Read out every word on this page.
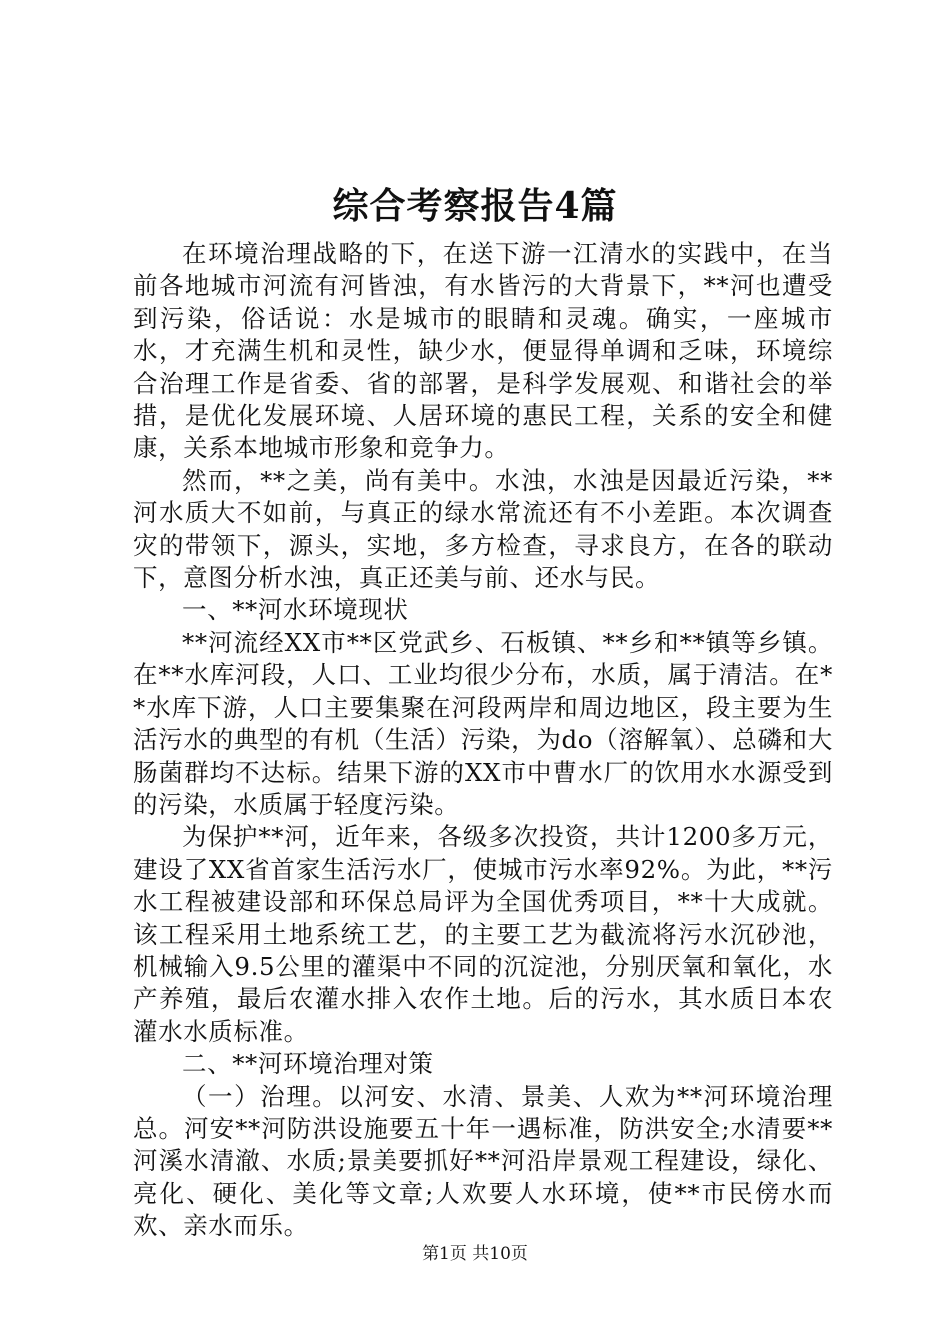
综合考察报告4篇

在环境治理战略的下，在送下游一江清水的实践中，在当前各地城市河流有河皆浊，有水皆污的大背景下，**河也遭受到污染，俗话说：水是城市的眼睛和灵魂。确实，一座城市水，才充满生机和灵性，缺少水，便显得单调和乏味，环境综合治理工作是省委、省的部署，是科学发展观、和谐社会的举措，是优化发展环境、人居环境的惠民工程，关系的安全和健康，关系本地城市形象和竞争力。

然而，**之美，尚有美中。水浊，水浊是因最近污染，**河水质大不如前，与真正的绿水常流还有不小差距。本次调查灾的带领下，源头，实地，多方检查，寻求良方，在各的联动下，意图分析水浊，真正还美与前、还水与民。

一、**河水环境现状

**河流经XX市**区党武乡、石板镇、**乡和**镇等乡镇。在**水库河段，人口、工业均很少分布，水质，属于清洁。在**水库下游，人口主要集聚在河段两岸和周边地区，段主要为生活污水的典型的有机（生活）污染，为do（溶解氧）、总磷和大肠菌群均不达标。结果下游的XX市中曹水厂的饮用水水源受到的污染，水质属于轻度污染。

为保护**河，近年来，各级多次投资，共计1200多万元，建设了XX省首家生活污水厂，使城市污水率92%。为此，**污水工程被建设部和环保总局评为全国优秀项目，**十大成就。该工程采用土地系统工艺，的主要工艺为截流将污水沉砂池，机械输入9.5公里的灌渠中不同的沉淀池，分别厌氧和氧化，水产养殖，最后农灌水排入农作土地。后的污水，其水质日本农灌水水质标准。

二、**河环境治理对策

（一）治理。以河安、水清、景美、人欢为**河环境治理总。河安**河防洪设施要五十年一遇标准，防洪安全;水清要**河溪水清澈、水质;景美要抓好**河沿岸景观工程建设，绿化、亮化、硬化、美化等文章;人欢要人水环境，使**市民傍水而欢、亲水而乐。

第1页 共10页
